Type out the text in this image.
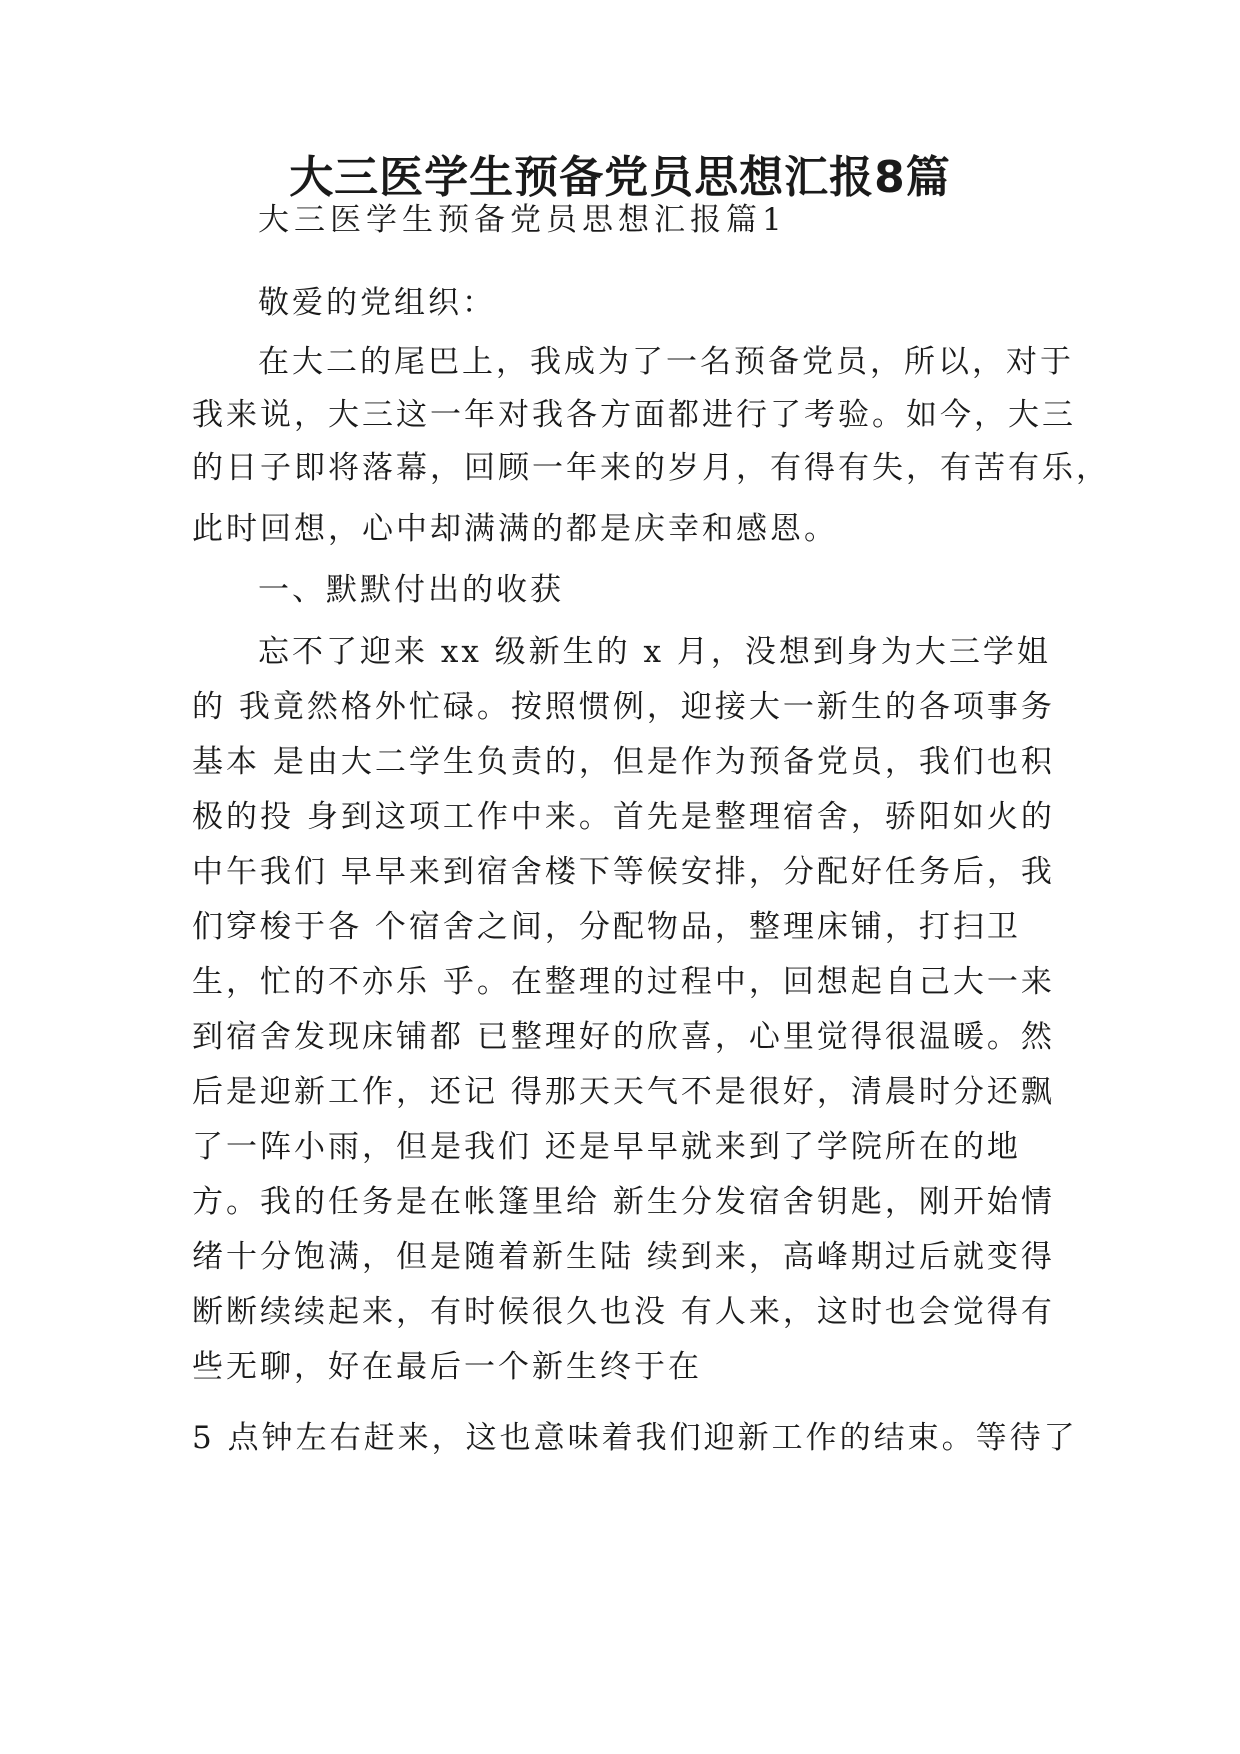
大三医学生预备党员思想汇报8篇
大三医学生预备党员思想汇报篇1
敬爱的党组织：
在大二的尾巴上，我成为了一名预备党员，所以，对于
我来说，大三这一年对我各方面都进行了考验。如今，大三
的日子即将落幕，回顾一年来的岁月，有得有失，有苦有乐，
此时回想，心中却满满的都是庆幸和感恩。
一、默默付出的收获
忘不了迎来 xx 级新生的 x 月，没想到身为大三学姐
的 我竟然格外忙碌。按照惯例，迎接大一新生的各项事务
基本 是由大二学生负责的，但是作为预备党员，我们也积
极的投 身到这项工作中来。首先是整理宿舍，骄阳如火的
中午我们 早早来到宿舍楼下等候安排，分配好任务后，我
们穿梭于各 个宿舍之间，分配物品，整理床铺，打扫卫
生，忙的不亦乐 乎。在整理的过程中，回想起自己大一来
到宿舍发现床铺都 已整理好的欣喜，心里觉得很温暖。然
后是迎新工作，还记 得那天天气不是很好，清晨时分还飘
了一阵小雨，但是我们 还是早早就来到了学院所在的地
方。我的任务是在帐篷里给 新生分发宿舍钥匙，刚开始情
绪十分饱满，但是随着新生陆 续到来，高峰期过后就变得
断断续续起来，有时候很久也没 有人来，这时也会觉得有
些无聊，好在最后一个新生终于在
5 点钟左右赶来，这也意味着我们迎新工作的结束。等待了
